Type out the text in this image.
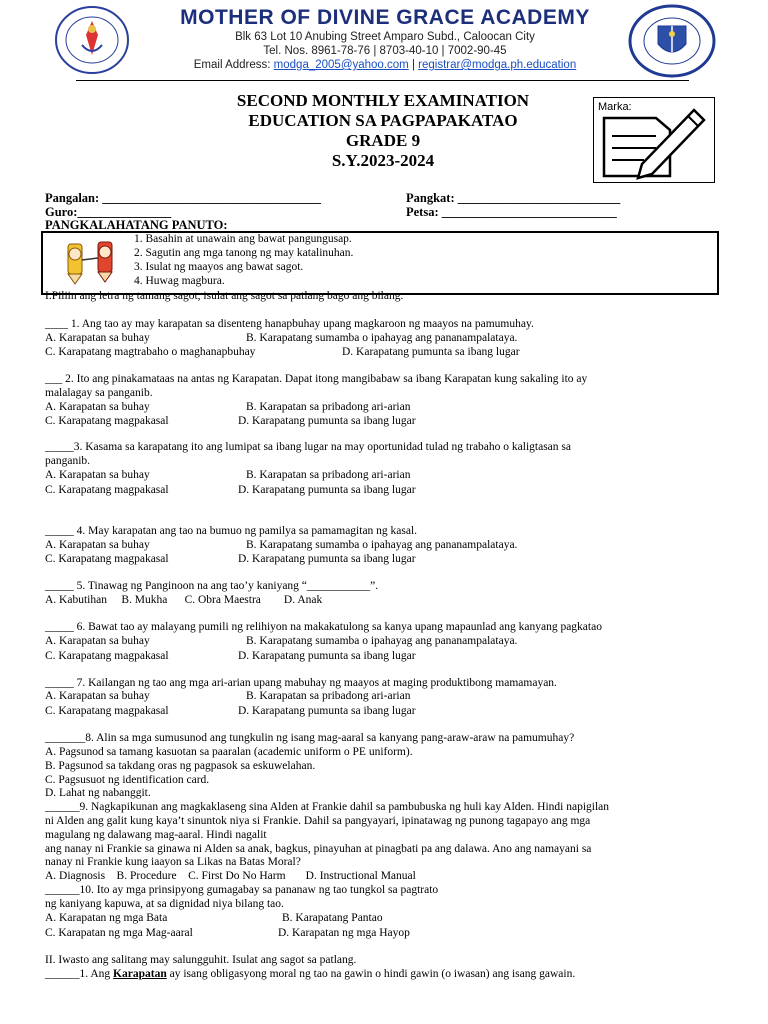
MOTHER OF DIVINE GRACE ACADEMY
Blk 63 Lot 10 Anubing Street Amparo Subd., Caloocan City
Tel. Nos. 8961-78-76 | 8703-40-10 | 7002-90-45
Email Address: modga_2005@yahoo.com | registrar@modga.ph.education
SECOND MONTHLY EXAMINATION
EDUCATION SA PAGPAPAKATAO
GRADE 9
S.Y.2023-2024
Marka:
Pangalan: ___________________________________	Pangkat: __________________________
Guro:_______________	Petsa: ____________________________
PANGKALAHATANG PANUTO:
1. Basahin at unawain ang bawat pangungusap.
2. Sagutin ang mga tanong ng may katalinuhan.
3. Isulat ng maayos ang bawat sagot.
4. Huwag magbura.
I.Piliin ang letra ng tamang sagot, isulat ang sagot sa patlang bago ang bilang.
____ 1. Ang tao ay may karapatan sa disenteng hanapbuhay upang magkaroon ng maayos na pamumuhay.
A. Karapatan sa buhay	B. Karapatang sumamba o ipahayag ang pananampalataya.
C. Karapatang magtrabaho o maghanapbuhay	D. Karapatang pumunta sa ibang lugar
___ 2. Ito ang pinakamataas na antas ng Karapatan. Dapat itong mangibabaw sa ibang Karapatan kung sakaling ito ay
malalagay sa panganib.
A. Karapatan sa buhay	B. Karapatan sa pribadong ari-arian
C. Karapatang magpakasal	D. Karapatang pumunta sa ibang lugar
_____3. Kasama sa karapatang ito ang lumipat sa ibang lugar na may oportunidad tulad ng trabaho o kaligtasan sa
panganib.
A. Karapatan sa buhay	B. Karapatan sa pribadong ari-arian
C. Karapatang magpakasal	D. Karapatang pumunta sa ibang lugar
_____ 4. May karapatan ang tao na bumuo ng pamilya sa pamamagitan ng kasal.
A. Karapatan sa buhay	B. Karapatang sumamba o ipahayag ang pananampalataya.
C. Karapatang magpakasal	D. Karapatang pumunta sa ibang lugar
_____ 5. Tinawag ng Panginoon na ang tao’y kaniyang “___________”.
A. Kabutihan     B. Mukha      C. Obra Maestra        D. Anak
_____ 6. Bawat tao ay malayang pumili ng relihiyon na makakatulong sa kanya upang mapaunlad ang kanyang pagkatao
A. Karapatan sa buhay	B. Karapatang sumamba o ipahayag ang pananampalataya.
C. Karapatang magpakasal	D. Karapatang pumunta sa ibang lugar
_____ 7. Kailangan ng tao ang mga ari-arian upang mabuhay ng maayos at maging produktibong mamamayan.
A. Karapatan sa buhay	B. Karapatan sa pribadong ari-arian
C. Karapatang magpakasal	D. Karapatang pumunta sa ibang lugar
_______8. Alin sa mga sumusunod ang tungkulin ng isang mag-aaral sa kanyang pang-araw-araw na pamumuhay?
A. Pagsunod sa tamang kasuotan sa paaralan (academic uniform o PE uniform).
B. Pagsunod sa takdang oras ng pagpasok sa eskuwelahan.
C. Pagsusuot ng identification card.
D. Lahat ng nabanggit.
______9. Nagkapikunan ang magkaklaseng sina Alden at Frankie dahil sa pambubuska ng huli kay Alden. Hindi napigilan
ni Alden ang galit kung kaya’t sinuntok niya si Frankie. Dahil sa pangyayari, ipinatawag ng punong tagapayo ang mga
magulang ng dalawang mag-aaral. Hindi nagalit
ang nanay ni Frankie sa ginawa ni Alden sa anak, bagkus, pinayuhan at pinagbati pa ang dalawa. Ano ang namayani sa
nanay ni Frankie kung iaayon sa Likas na Batas Moral?
A. Diagnosis    B. Procedure    C. First Do No Harm       D. Instructional Manual
______10. Ito ay mga prinsipyong gumagabay sa pananaw ng tao tungkol sa pagtrato
ng kaniyang kapuwa, at sa dignidad niya bilang tao.
A. Karapatan ng mga Bata	B. Karapatang Pantao
C. Karapatan ng mga Mag-aaral	D. Karapatan ng mga Hayop
II. Iwasto ang salitang may salungguhit. Isulat ang sagot sa patlang.
______1. Ang Karapatan ay isang obligasyong moral ng tao na gawin o hindi gawin (o iwasan) ang isang gawain.
